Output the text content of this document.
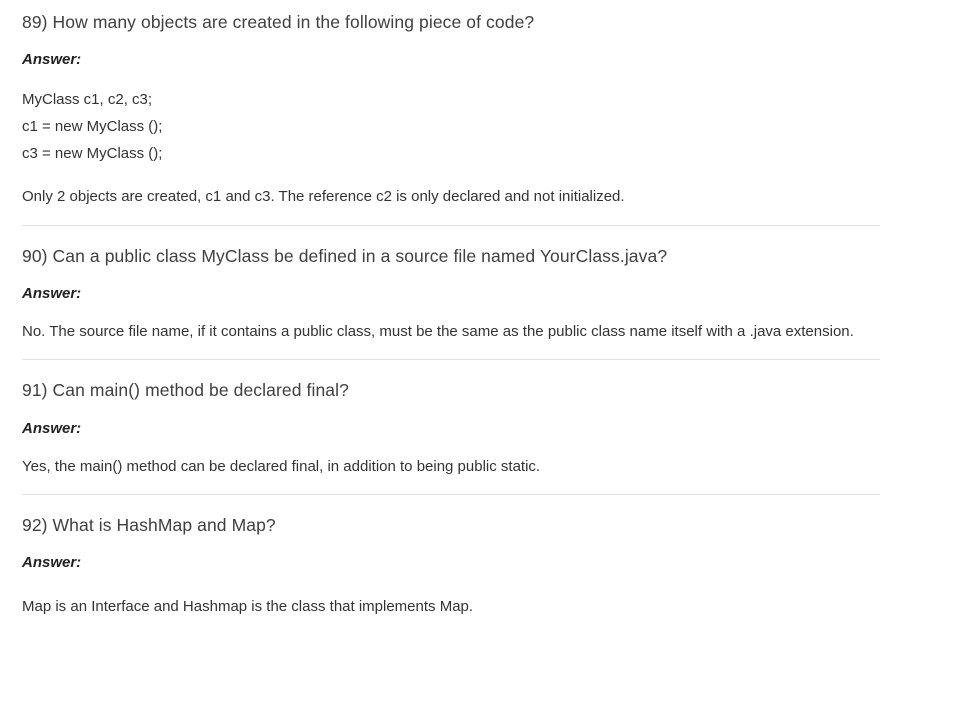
89) How many objects are created in the following piece of code?
Answer:
MyClass c1, c2, c3;
c1 = new MyClass ();
c3 = new MyClass ();
Only 2 objects are created, c1 and c3. The reference c2 is only declared and not initialized.
90) Can a public class MyClass be defined in a source file named YourClass.java?
Answer:
No. The source file name, if it contains a public class, must be the same as the public class name itself with a .java extension.
91) Can main() method be declared final?
Answer:
Yes, the main() method can be declared final, in addition to being public static.
92) What is HashMap and Map?
Answer:
Map is an Interface and Hashmap is the class that implements Map.
